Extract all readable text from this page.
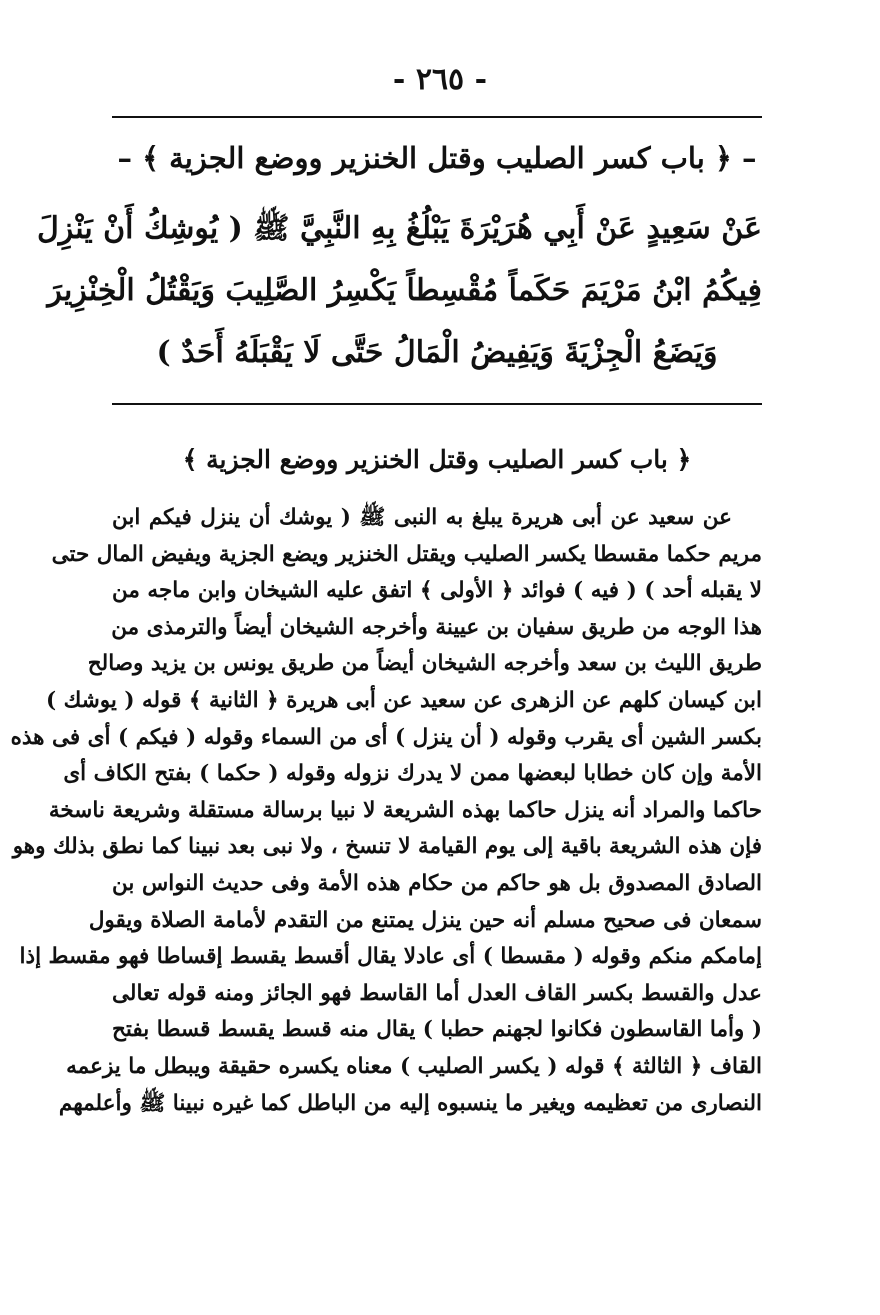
- ٢٦٥ -
– ﴿ باب كسر الصليب وقتل الخنزير ووضع الجزية ﴾ –
عَنْ سَعِيدٍ عَنْ أَبِي هُرَيْرَةَ يَبْلُغُ بِهِ النَّبِيَّ ﷺ ( يُوشِكُ أَنْ يَنْزِلَ
فِيكُمُ ابْنُ مَرْيَمَ حَكَماً مُقْسِطاً يَكْسِرُ الصَّلِيبَ وَيَقْتُلُ الْخِنْزِيرَ
وَيَضَعُ الْجِزْيَةَ وَيَفِيضُ الْمَالُ حَتَّى لَا يَقْبَلَهُ أَحَدٌ )
﴿ باب كسر الصليب وقتل الخنزير ووضع الجزية ﴾
عن سعيد عن أبى هريرة يبلغ به النبى ﷺ ( يوشك أن ينزل فيكم ابن
مريم حكما مقسطا يكسر الصليب ويقتل الخنزير ويضع الجزية ويفيض المال حتى
لا يقبله أحد ) ( فيه ) فوائد ﴿ الأولى ﴾ اتفق عليه الشيخان وابن ماجه من
هذا الوجه من طريق سفيان بن عيينة وأخرجه الشيخان أيضاً والترمذى من
طريق الليث بن سعد وأخرجه الشيخان أيضاً من طريق يونس بن يزيد وصالح
ابن كيسان كلهم عن الزهرى عن سعيد عن أبى هريرة ﴿ الثانية ﴾ قوله ( يوشك )
بكسر الشين أى يقرب وقوله ( أن ينزل ) أى من السماء وقوله ( فيكم ) أى فى هذه
الأمة وإن كان خطابا لبعضها ممن لا يدرك نزوله وقوله ( حكما ) بفتح الكاف أى
حاكما والمراد أنه ينزل حاكما بهذه الشريعة لا نبيا برسالة مستقلة وشريعة ناسخة
فإن هذه الشريعة باقية إلى يوم القيامة لا تنسخ ، ولا نبى بعد نبينا كما نطق بذلك وهو
الصادق المصدوق بل هو حاكم من حكام هذه الأمة وفى حديث النواس بن
سمعان فى صحيح مسلم أنه حين ينزل يمتنع من التقدم لأمامة الصلاة ويقول
إمامكم منكم وقوله ( مقسطا ) أى عادلا يقال أقسط يقسط إقساطا فهو مقسط إذا
عدل والقسط بكسر القاف العدل أما القاسط فهو الجائز ومنه قوله تعالى
( وأما القاسطون فكانوا لجهنم حطبا ) يقال منه قسط يقسط قسطا بفتح
القاف ﴿ الثالثة ﴾ قوله ( يكسر الصليب ) معناه يكسره حقيقة ويبطل ما يزعمه
النصارى من تعظيمه ويغير ما ينسبوه إليه من الباطل كما غيره نبينا ﷺ وأعلمهم
